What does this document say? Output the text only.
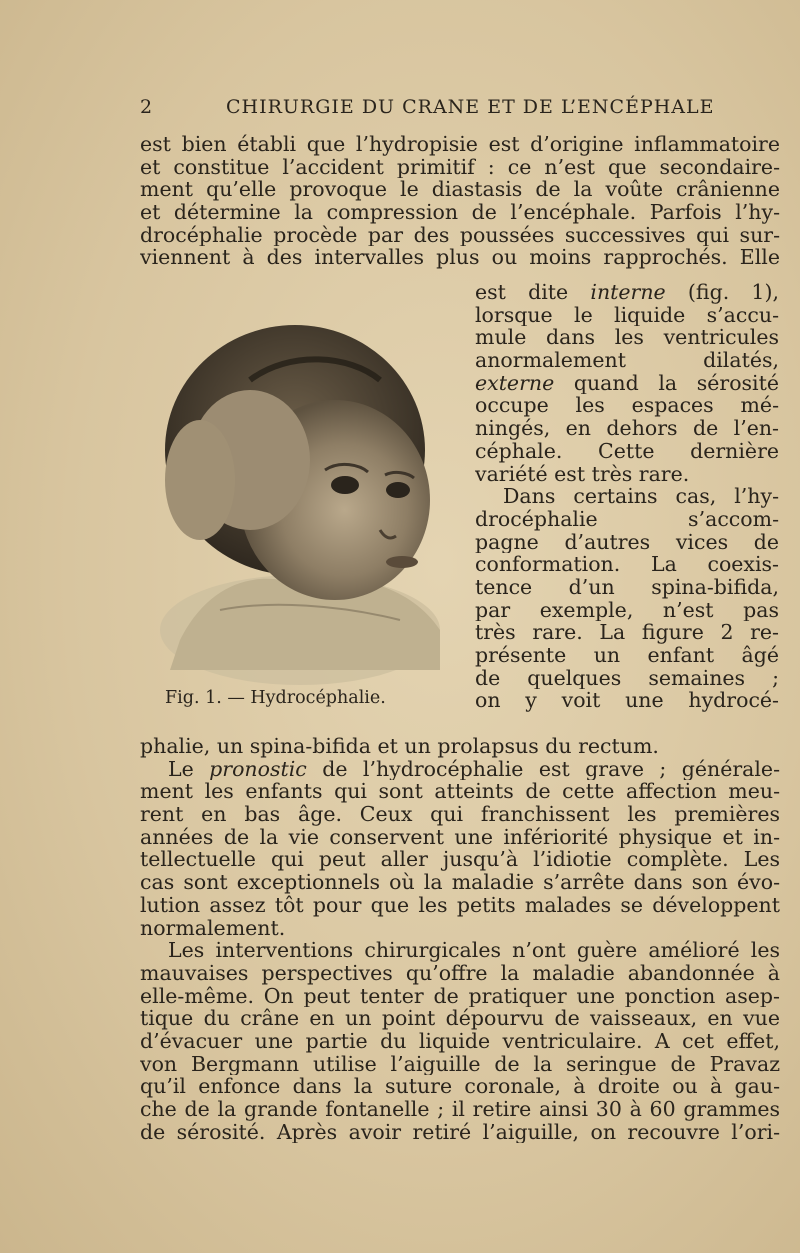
2	CHIRURGIE DU CRANE ET DE L’ENCÉPHALE
est bien établi que l’hydropisie est d’origine inflammatoire
et constitue l’accident primitif : ce n’est que secondaire-
ment qu’elle provoque le diastasis de la voûte crânienne
et détermine la compression de l’encéphale. Parfois l’hy-
drocéphalie procède par des poussées successives qui sur-
viennent à des intervalles plus ou moins rapprochés. Elle
est dite interne (fig. 1),
lorsque le liquide s’accu-
mule dans les ventricules
anormalement dilatés,
externe quand la sérosité
occupe les espaces mé-
ningés, en dehors de l’en-
céphale. Cette dernière
variété est très rare.
Dans certains cas, l’hy-
drocéphalie s’accom-
pagne d’autres vices de
conformation. La coexis-
tence d’un spina-bifida,
par exemple, n’est pas
très rare. La figure 2 re-
présente un enfant âgé
de quelques semaines ;
on y voit une hydrocé-
Fig. 1. — Hydrocéphalie.
phalie, un spina-bifida et un prolapsus du rectum.
Le pronostic de l’hydrocéphalie est grave ; générale-
ment les enfants qui sont atteints de cette affection meu-
rent en bas âge. Ceux qui franchissent les premières
années de la vie conservent une infériorité physique et in-
tellectuelle qui peut aller jusqu’à l’idiotie complète. Les
cas sont exceptionnels où la maladie s’arrête dans son évo-
lution assez tôt pour que les petits malades se développent
normalement.
Les interventions chirurgicales n’ont guère amélioré les
mauvaises perspectives qu’offre la maladie abandonnée à
elle-même. On peut tenter de pratiquer une ponction asep-
tique du crâne en un point dépourvu de vaisseaux, en vue
d’évacuer une partie du liquide ventriculaire. A cet effet,
von Bergmann utilise l’aiguille de la seringue de Pravaz
qu’il enfonce dans la suture coronale, à droite ou à gau-
che de la grande fontanelle ; il retire ainsi 30 à 60 grammes
de sérosité. Après avoir retiré l’aiguille, on recouvre l’ori-
